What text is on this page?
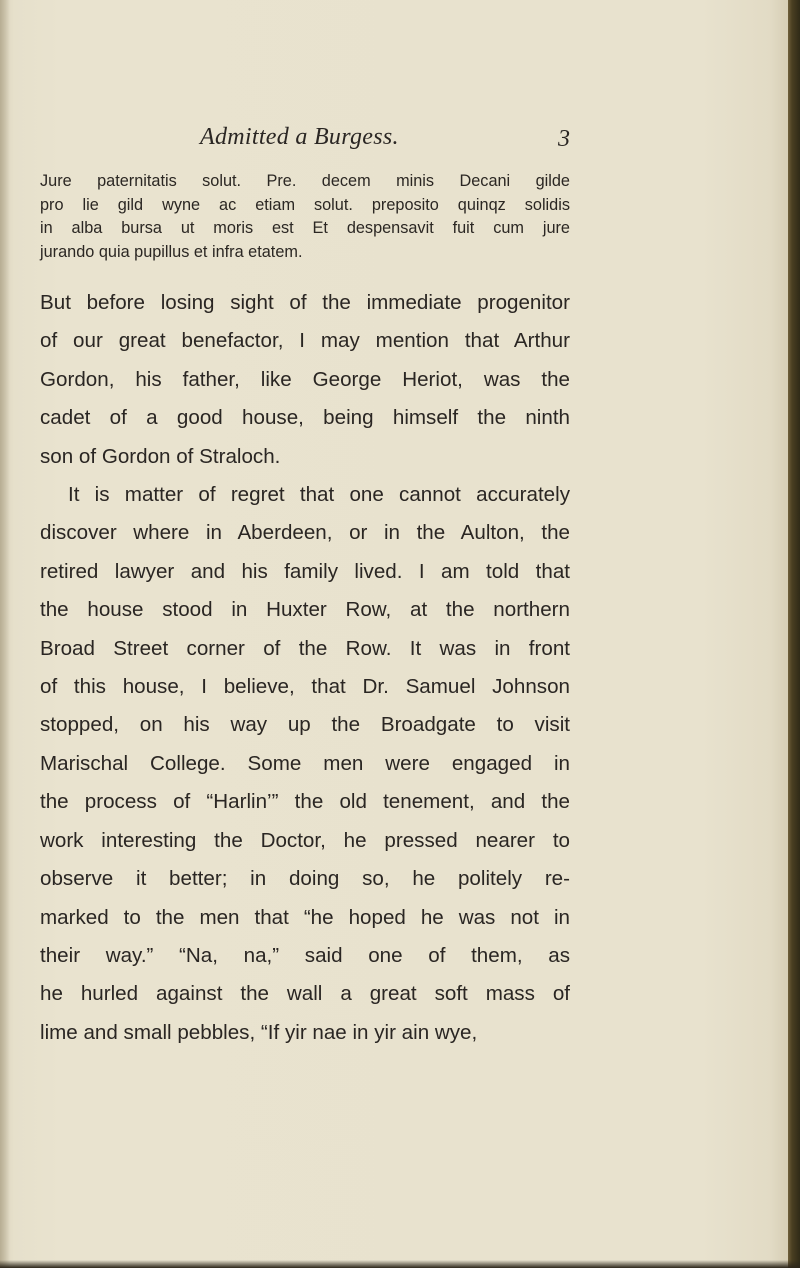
Admitted a Burgess.	3
Jure paternitatis solut. Pre. decem minis Decani gilde
pro lie gild wyne ac etiam solut. preposito quinqz solidis
in alba bursa ut moris est Et despensavit fuit cum jure
jurando quia pupillus et infra etatem.
But before losing sight of the immediate progenitor
of our great benefactor, I may mention that Arthur
Gordon, his father, like George Heriot, was the
cadet of a good house, being himself the ninth
son of Gordon of Straloch.
It is matter of regret that one cannot accurately
discover where in Aberdeen, or in the Aulton, the
retired lawyer and his family lived. I am told that
the house stood in Huxter Row, at the northern
Broad Street corner of the Row. It was in front
of this house, I believe, that Dr. Samuel Johnson
stopped, on his way up the Broadgate to visit
Marischal College. Some men were engaged in
the process of “Harlin’” the old tenement, and the
work interesting the Doctor, he pressed nearer to
observe it better; in doing so, he politely re-
marked to the men that “he hoped he was not in
their way.” “Na, na,” said one of them, as
he hurled against the wall a great soft mass of
lime and small pebbles, “If yir nae in yir ain wye,
